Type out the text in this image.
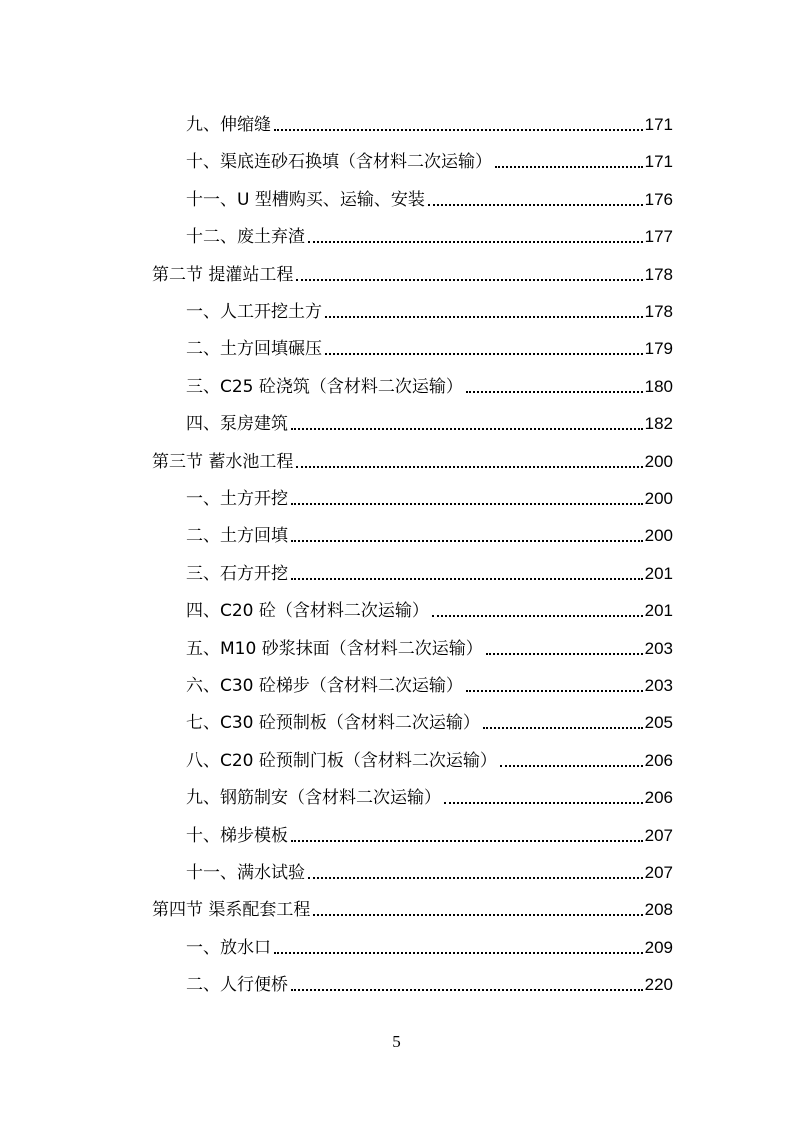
九、伸缩缝	171
十、渠底连砂石换填（含材料二次运输）	171
十一、U 型槽购买、运输、安装	176
十二、废土弃渣	177
第二节 提灌站工程	178
一、人工开挖土方	178
二、土方回填碾压	179
三、C25 砼浇筑（含材料二次运输）	180
四、泵房建筑	182
第三节 蓄水池工程	200
一、土方开挖	200
二、土方回填	200
三、石方开挖	201
四、C20 砼（含材料二次运输）	201
五、M10 砂浆抹面（含材料二次运输）	203
六、C30 砼梯步（含材料二次运输）	203
七、C30 砼预制板（含材料二次运输）	205
八、C20 砼预制门板（含材料二次运输）	206
九、钢筋制安（含材料二次运输）	206
十、梯步模板	207
十一、满水试验	207
第四节 渠系配套工程	208
一、放水口	209
二、人行便桥	220
5
